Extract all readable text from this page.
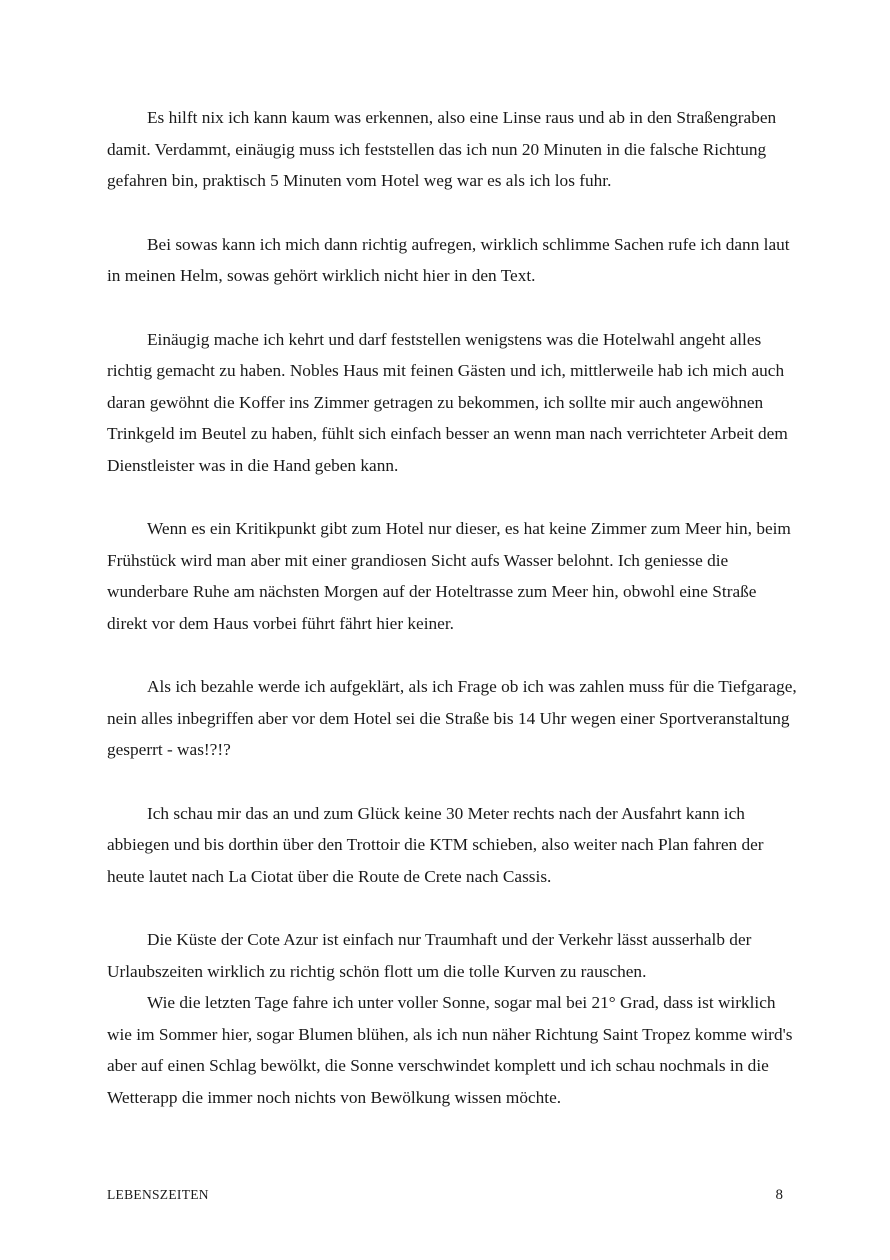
Es hilft nix ich kann kaum was erkennen, also eine Linse raus und ab in den Straßengraben damit. Verdammt, einäugig muss ich feststellen das ich nun 20 Minuten in die falsche Richtung gefahren bin, praktisch 5 Minuten vom Hotel weg war es als ich los fuhr.

Bei sowas kann ich mich dann richtig aufregen, wirklich schlimme Sachen rufe ich dann laut in meinen Helm, sowas gehört wirklich nicht hier in den Text.

Einäugig mache ich kehrt und darf feststellen wenigstens was die Hotelwahl angeht alles richtig gemacht zu haben. Nobles Haus mit feinen Gästen und ich, mittlerweile hab ich mich auch daran gewöhnt die Koffer ins Zimmer getragen zu bekommen, ich sollte mir auch angewöhnen Trinkgeld im Beutel zu haben, fühlt sich einfach besser an wenn man nach verrichteter Arbeit dem Dienstleister was in die Hand geben kann.

Wenn es ein Kritikpunkt gibt zum Hotel nur dieser, es hat keine Zimmer zum Meer hin, beim Frühstück wird man aber mit einer grandiosen Sicht aufs Wasser belohnt. Ich geniesse die wunderbare Ruhe am nächsten Morgen auf der Hoteltrasse zum Meer hin, obwohl eine Straße direkt vor dem Haus vorbei führt fährt hier keiner.

Als ich bezahle werde ich aufgeklärt, als ich Frage ob ich was zahlen muss für die Tiefgarage, nein alles inbegriffen aber vor dem Hotel sei die Straße bis 14 Uhr wegen einer Sportveranstaltung gesperrt - was!?!?

Ich schau mir das an und zum Glück keine 30 Meter rechts nach der Ausfahrt kann ich abbiegen und bis dorthin über den Trottoir die KTM schieben, also weiter nach Plan fahren der heute lautet nach La Ciotat über die Route de Crete nach Cassis.

Die Küste der Cote Azur ist einfach nur Traumhaft und der Verkehr lässt ausserhalb der Urlaubszeiten wirklich zu richtig schön flott um die tolle Kurven zu rauschen.

Wie die letzten Tage fahre ich unter voller Sonne, sogar mal bei 21° Grad, dass ist wirklich wie im Sommer hier, sogar Blumen blühen, als ich nun näher Richtung Saint Tropez komme wird's aber auf einen Schlag bewölkt, die Sonne verschwindet komplett und ich schau nochmals in die Wetterapp die immer noch nichts von Bewölkung wissen möchte.

LEBENSZEITEN	8
